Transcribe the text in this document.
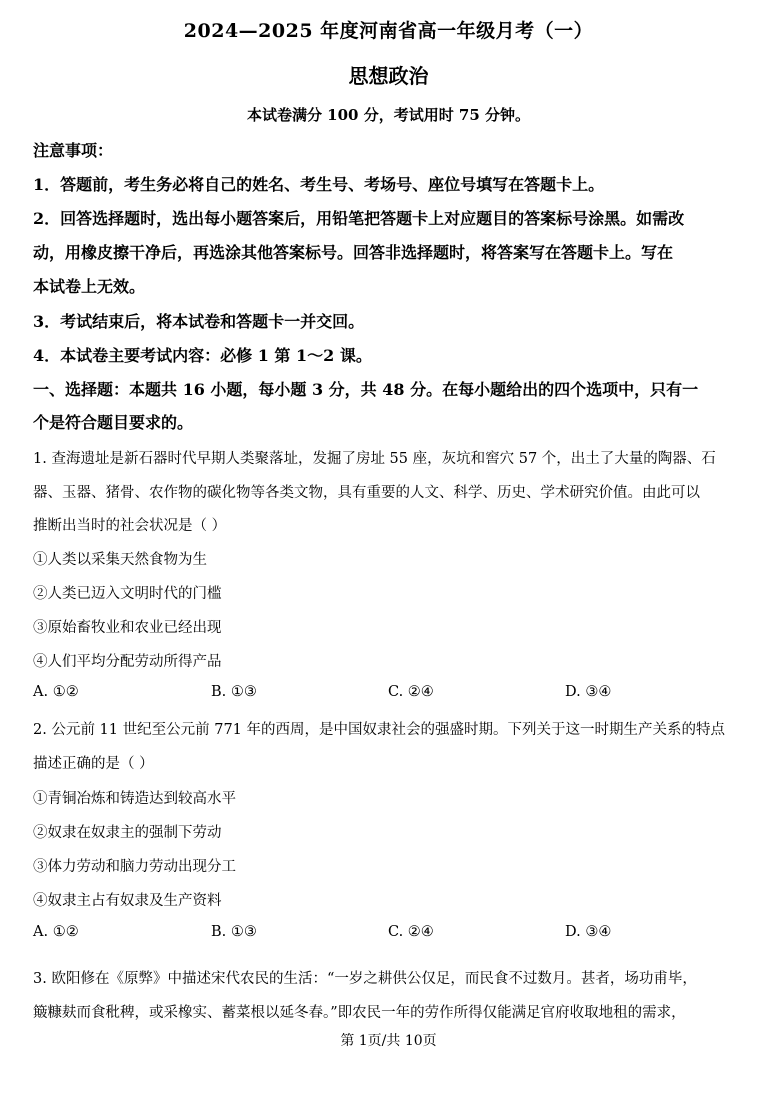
2024—2025 年度河南省高一年级月考（一）
思想政治
本试卷满分 100 分，考试用时 75 分钟。
注意事项：
1．答题前，考生务必将自己的姓名、考生号、考场号、座位号填写在答题卡上。
2．回答选择题时，选出每小题答案后，用铅笔把答题卡上对应题目的答案标号涂黑。如需改
动，用橡皮擦干净后，再选涂其他答案标号。回答非选择题时，将答案写在答题卡上。写在
本试卷上无效。
3．考试结束后，将本试卷和答题卡一并交回。
4．本试卷主要考试内容：必修 1 第 1～2 课。
一、选择题：本题共 16 小题，每小题 3 分，共 48 分。在每小题给出的四个选项中，只有一
个是符合题目要求的。
1. 查海遗址是新石器时代早期人类聚落址，发掘了房址 55 座，灰坑和窖穴 57 个，出土了大量的陶器、石
器、玉器、猪骨、农作物的碳化物等各类文物，具有重要的人文、科学、历史、学术研究价值。由此可以
推断出当时的社会状况是（ ）
①人类以采集天然食物为生
②人类已迈入文明时代的门槛
③原始畜牧业和农业已经出现
④人们平均分配劳动所得产品
A. ①②	B. ①③	C. ②④	D. ③④
2. 公元前 11 世纪至公元前 771 年的西周，是中国奴隶社会的强盛时期。下列关于这一时期生产关系的特点
描述正确的是（ ）
①青铜冶炼和铸造达到较高水平
②奴隶在奴隶主的强制下劳动
③体力劳动和脑力劳动出现分工
④奴隶主占有奴隶及生产资料
A. ①②	B. ①③	C. ②④	D. ③④
3. 欧阳修在《原弊》中描述宋代农民的生活：“一岁之耕供公仅足，而民食不过数月。甚者，场功甫毕，
簸糠麸而食秕稗，或采橡实、蓄菜根以延冬春。”即农民一年的劳作所得仅能满足官府收取地租的需求，
第 1页/共 10页
